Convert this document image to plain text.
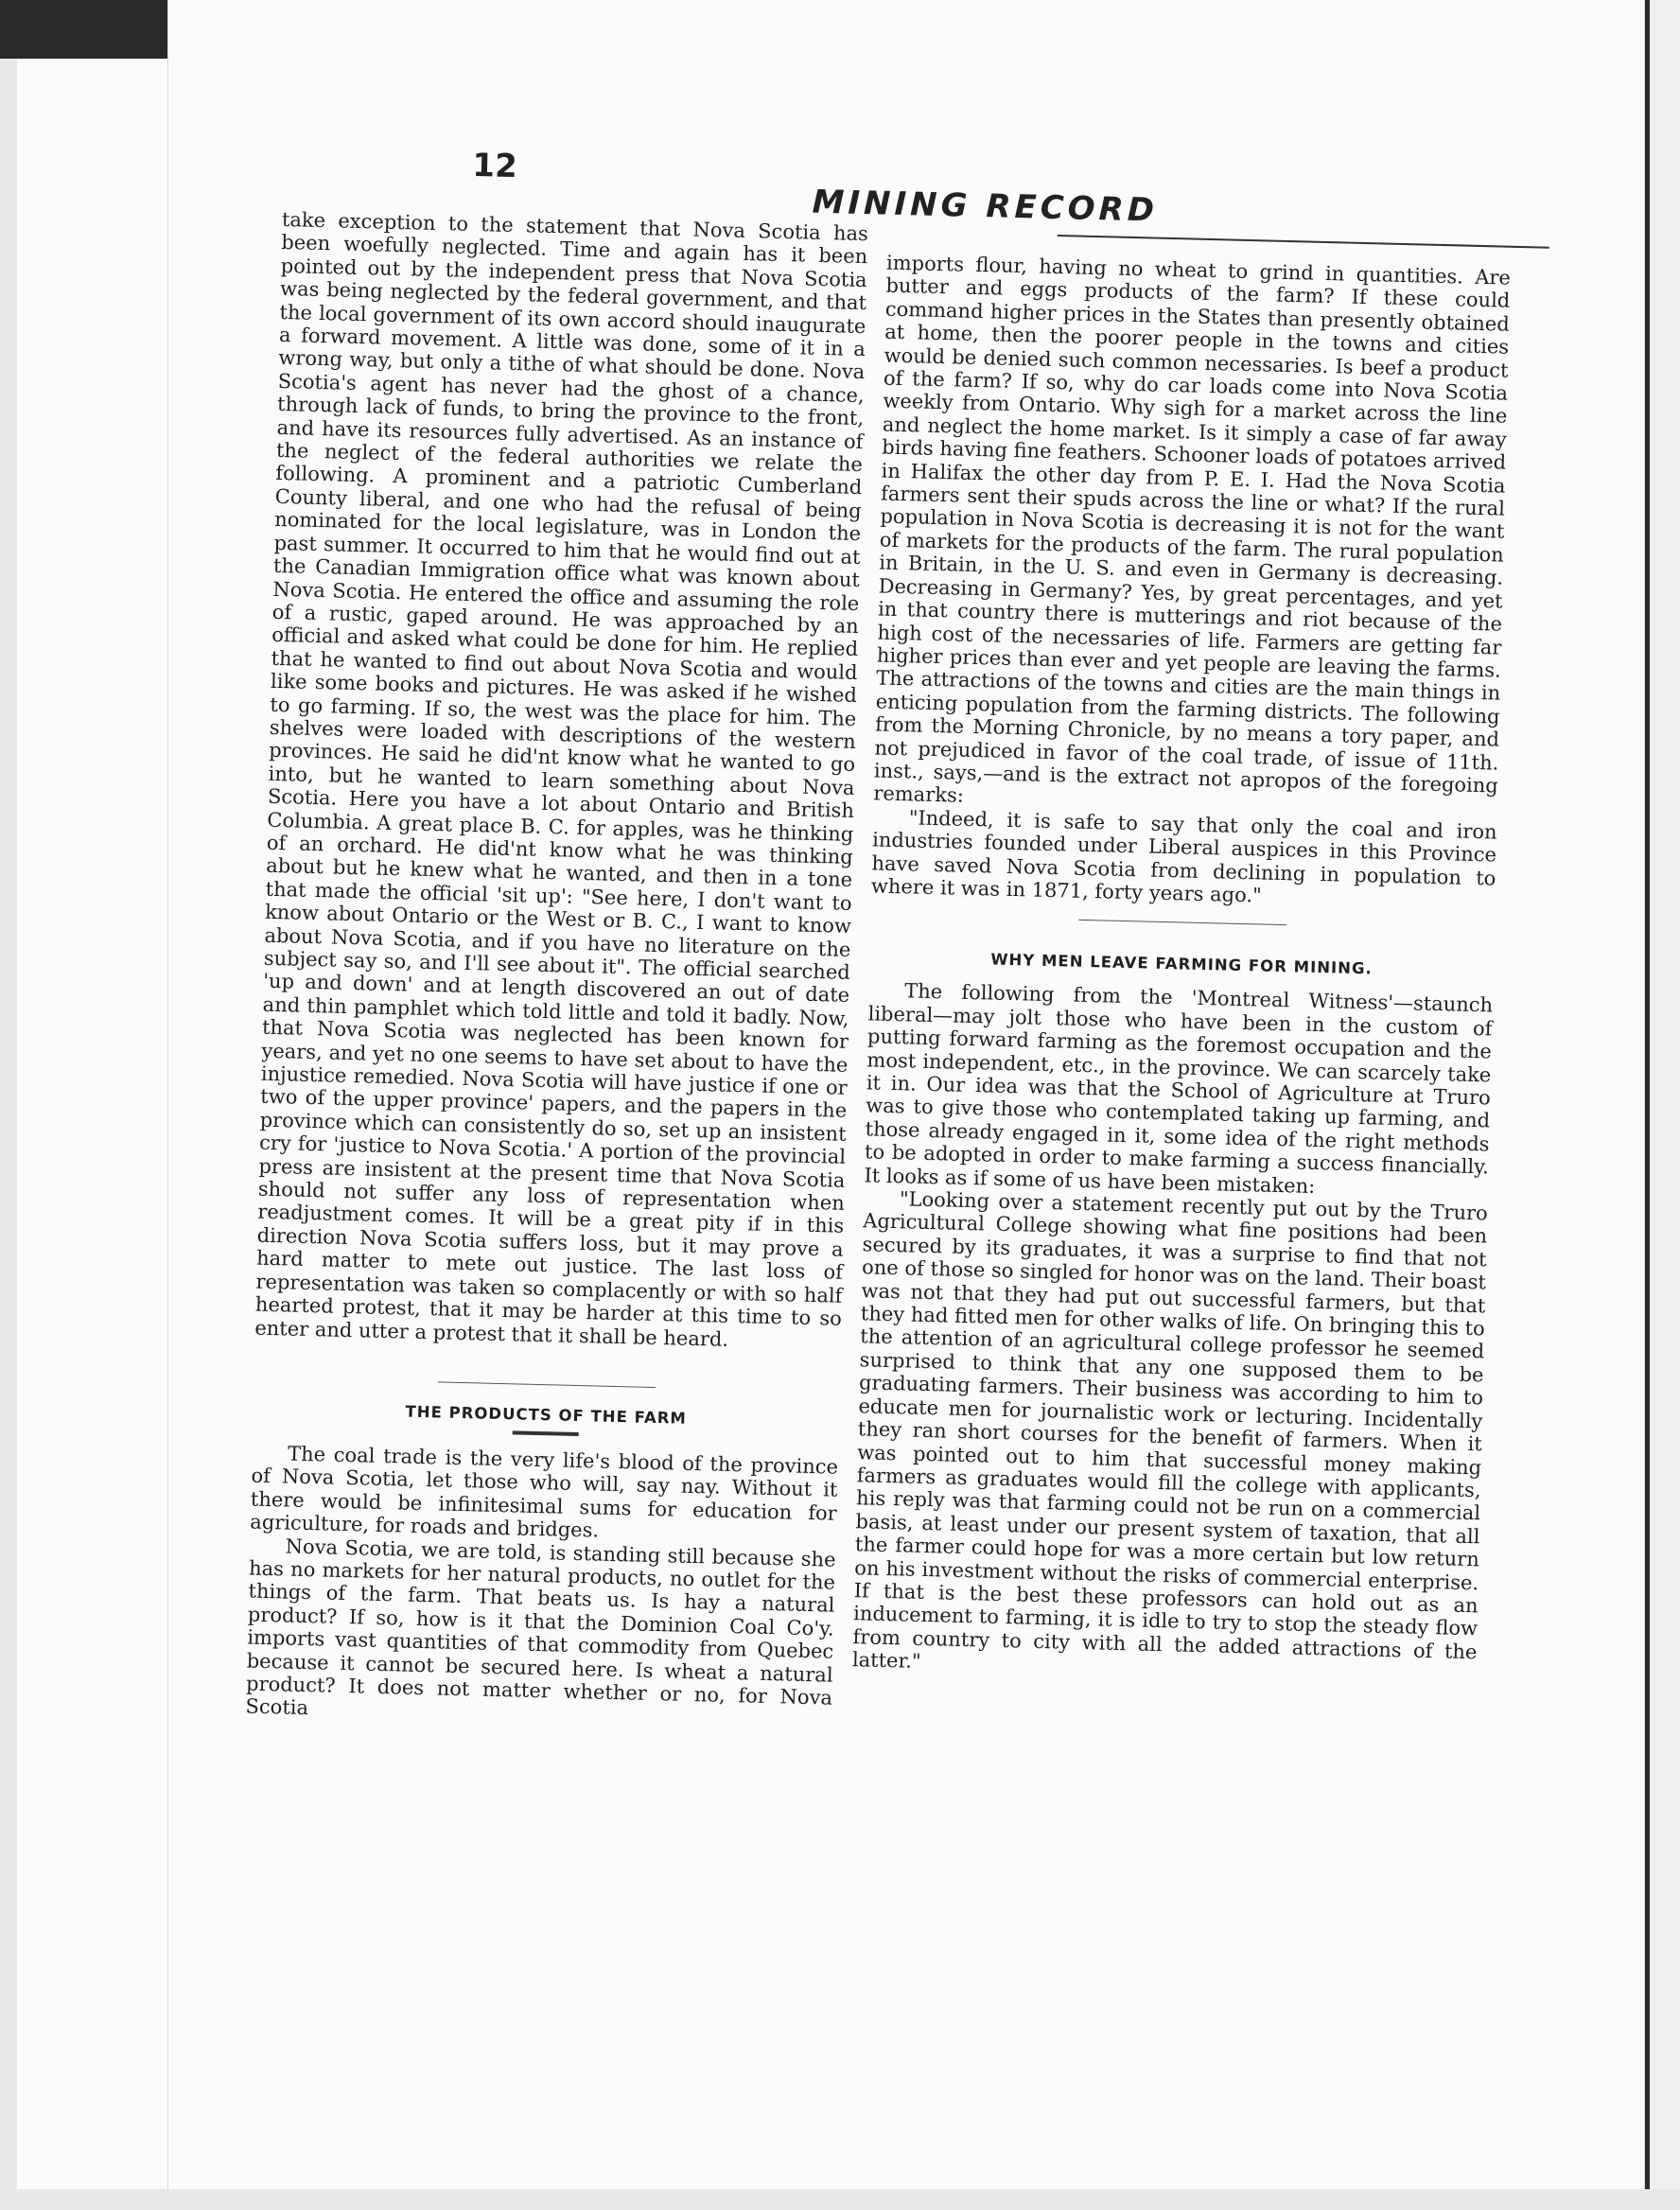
12
MINING RECORD

take exception to the statement that Nova Scotia has been woefully neglected. Time and again has it been pointed out by the independent press that Nova Scotia was being neglected by the federal government, and that the local government of its own accord should inaugurate a forward movement. A little was done, some of it in a wrong way, but only a tithe of what should be done. Nova Scotia's agent has never had the ghost of a chance, through lack of funds, to bring the province to the front, and have its resources fully advertised. As an instance of the neglect of the federal authorities we relate the following. A prominent and a patriotic Cumberland County liberal, and one who had the refusal of being nominated for the local legislature, was in London the past summer. It occurred to him that he would find out at the Canadian Immigration office what was known about Nova Scotia. He entered the office and assuming the role of a rustic, gaped around. He was approached by an official and asked what could be done for him. He replied that he wanted to find out about Nova Scotia and would like some books and pictures. He was asked if he wished to go farming. If so, the west was the place for him. The shelves were loaded with descriptions of the western provinces. He said he did'nt know what he wanted to go into, but he wanted to learn something about Nova Scotia. Here you have a lot about Ontario and British Columbia. A great place B. C. for apples, was he thinking of an orchard. He did'nt know what he was thinking about but he knew what he wanted, and then in a tone that made the official 'sit up': "See here, I don't want to know about Ontario or the West or B. C., I want to know about Nova Scotia, and if you have no literature on the subject say so, and I'll see about it". The official searched 'up and down' and at length discovered an out of date and thin pamphlet which told little and told it badly. Now, that Nova Scotia was neglected has been known for years, and yet no one seems to have set about to have the injustice remedied. Nova Scotia will have justice if one or two of the upper province' papers, and the papers in the province which can consistently do so, set up an insistent cry for 'justice to Nova Scotia.' A portion of the provincial press are insistent at the present time that Nova Scotia should not suffer any loss of representation when readjustment comes. It will be a great pity if in this direction Nova Scotia suffers loss, but it may prove a hard matter to mete out justice. The last loss of representation was taken so complacently or with so half hearted protest, that it may be harder at this time to so enter and utter a protest that it shall be heard.

THE PRODUCTS OF THE FARM

The coal trade is the very life's blood of the province of Nova Scotia, let those who will, say nay. Without it there would be infinitesimal sums for education for agriculture, for roads and bridges.

Nova Scotia, we are told, is standing still because she has no markets for her natural products, no outlet for the things of the farm. That beats us. Is hay a natural product? If so, how is it that the Dominion Coal Co'y. imports vast quantities of that commodity from Quebec because it cannot be secured here. Is wheat a natural product? It does not matter whether or no, for Nova Scotia

imports flour, having no wheat to grind in quantities. Are butter and eggs products of the farm? If these could command higher prices in the States than presently obtained at home, then the poorer people in the towns and cities would be denied such common necessaries. Is beef a product of the farm? If so, why do car loads come into Nova Scotia weekly from Ontario. Why sigh for a market across the line and neglect the home market. Is it simply a case of far away birds having fine feathers. Schooner loads of potatoes arrived in Halifax the other day from P. E. I. Had the Nova Scotia farmers sent their spuds across the line or what? If the rural population in Nova Scotia is decreasing it is not for the want of markets for the products of the farm. The rural population in Britain, in the U. S. and even in Germany is decreasing. Decreasing in Germany? Yes, by great percentages, and yet in that country there is mutterings and riot because of the high cost of the necessaries of life. Farmers are getting far higher prices than ever and yet people are leaving the farms. The attractions of the towns and cities are the main things in enticing population from the farming districts. The following from the Morning Chronicle, by no means a tory paper, and not prejudiced in favor of the coal trade, of issue of 11th. inst., says,—and is the extract not apropos of the foregoing remarks:

"Indeed, it is safe to say that only the coal and iron industries founded under Liberal auspices in this Province have saved Nova Scotia from declining in population to where it was in 1871, forty years ago."

WHY MEN LEAVE FARMING FOR MINING.

The following from the 'Montreal Witness'—staunch liberal—may jolt those who have been in the custom of putting forward farming as the foremost occupation and the most independent, etc., in the province. We can scarcely take it in. Our idea was that the School of Agriculture at Truro was to give those who contemplated taking up farming, and those already engaged in it, some idea of the right methods to be adopted in order to make farming a success financially. It looks as if some of us have been mistaken:

"Looking over a statement recently put out by the Truro Agricultural College showing what fine positions had been secured by its graduates, it was a surprise to find that not one of those so singled for honor was on the land. Their boast was not that they had put out successful farmers, but that they had fitted men for other walks of life. On bringing this to the attention of an agricultural college professor he seemed surprised to think that any one supposed them to be graduating farmers. Their business was according to him to educate men for journalistic work or lecturing. Incidentally they ran short courses for the benefit of farmers. When it was pointed out to him that successful money making farmers as graduates would fill the college with applicants, his reply was that farming could not be run on a commercial basis, at least under our present system of taxation, that all the farmer could hope for was a more certain but low return on his investment without the risks of commercial enterprise. If that is the best these professors can hold out as an inducement to farming, it is idle to try to stop the steady flow from country to city with all the added attractions of the latter."
